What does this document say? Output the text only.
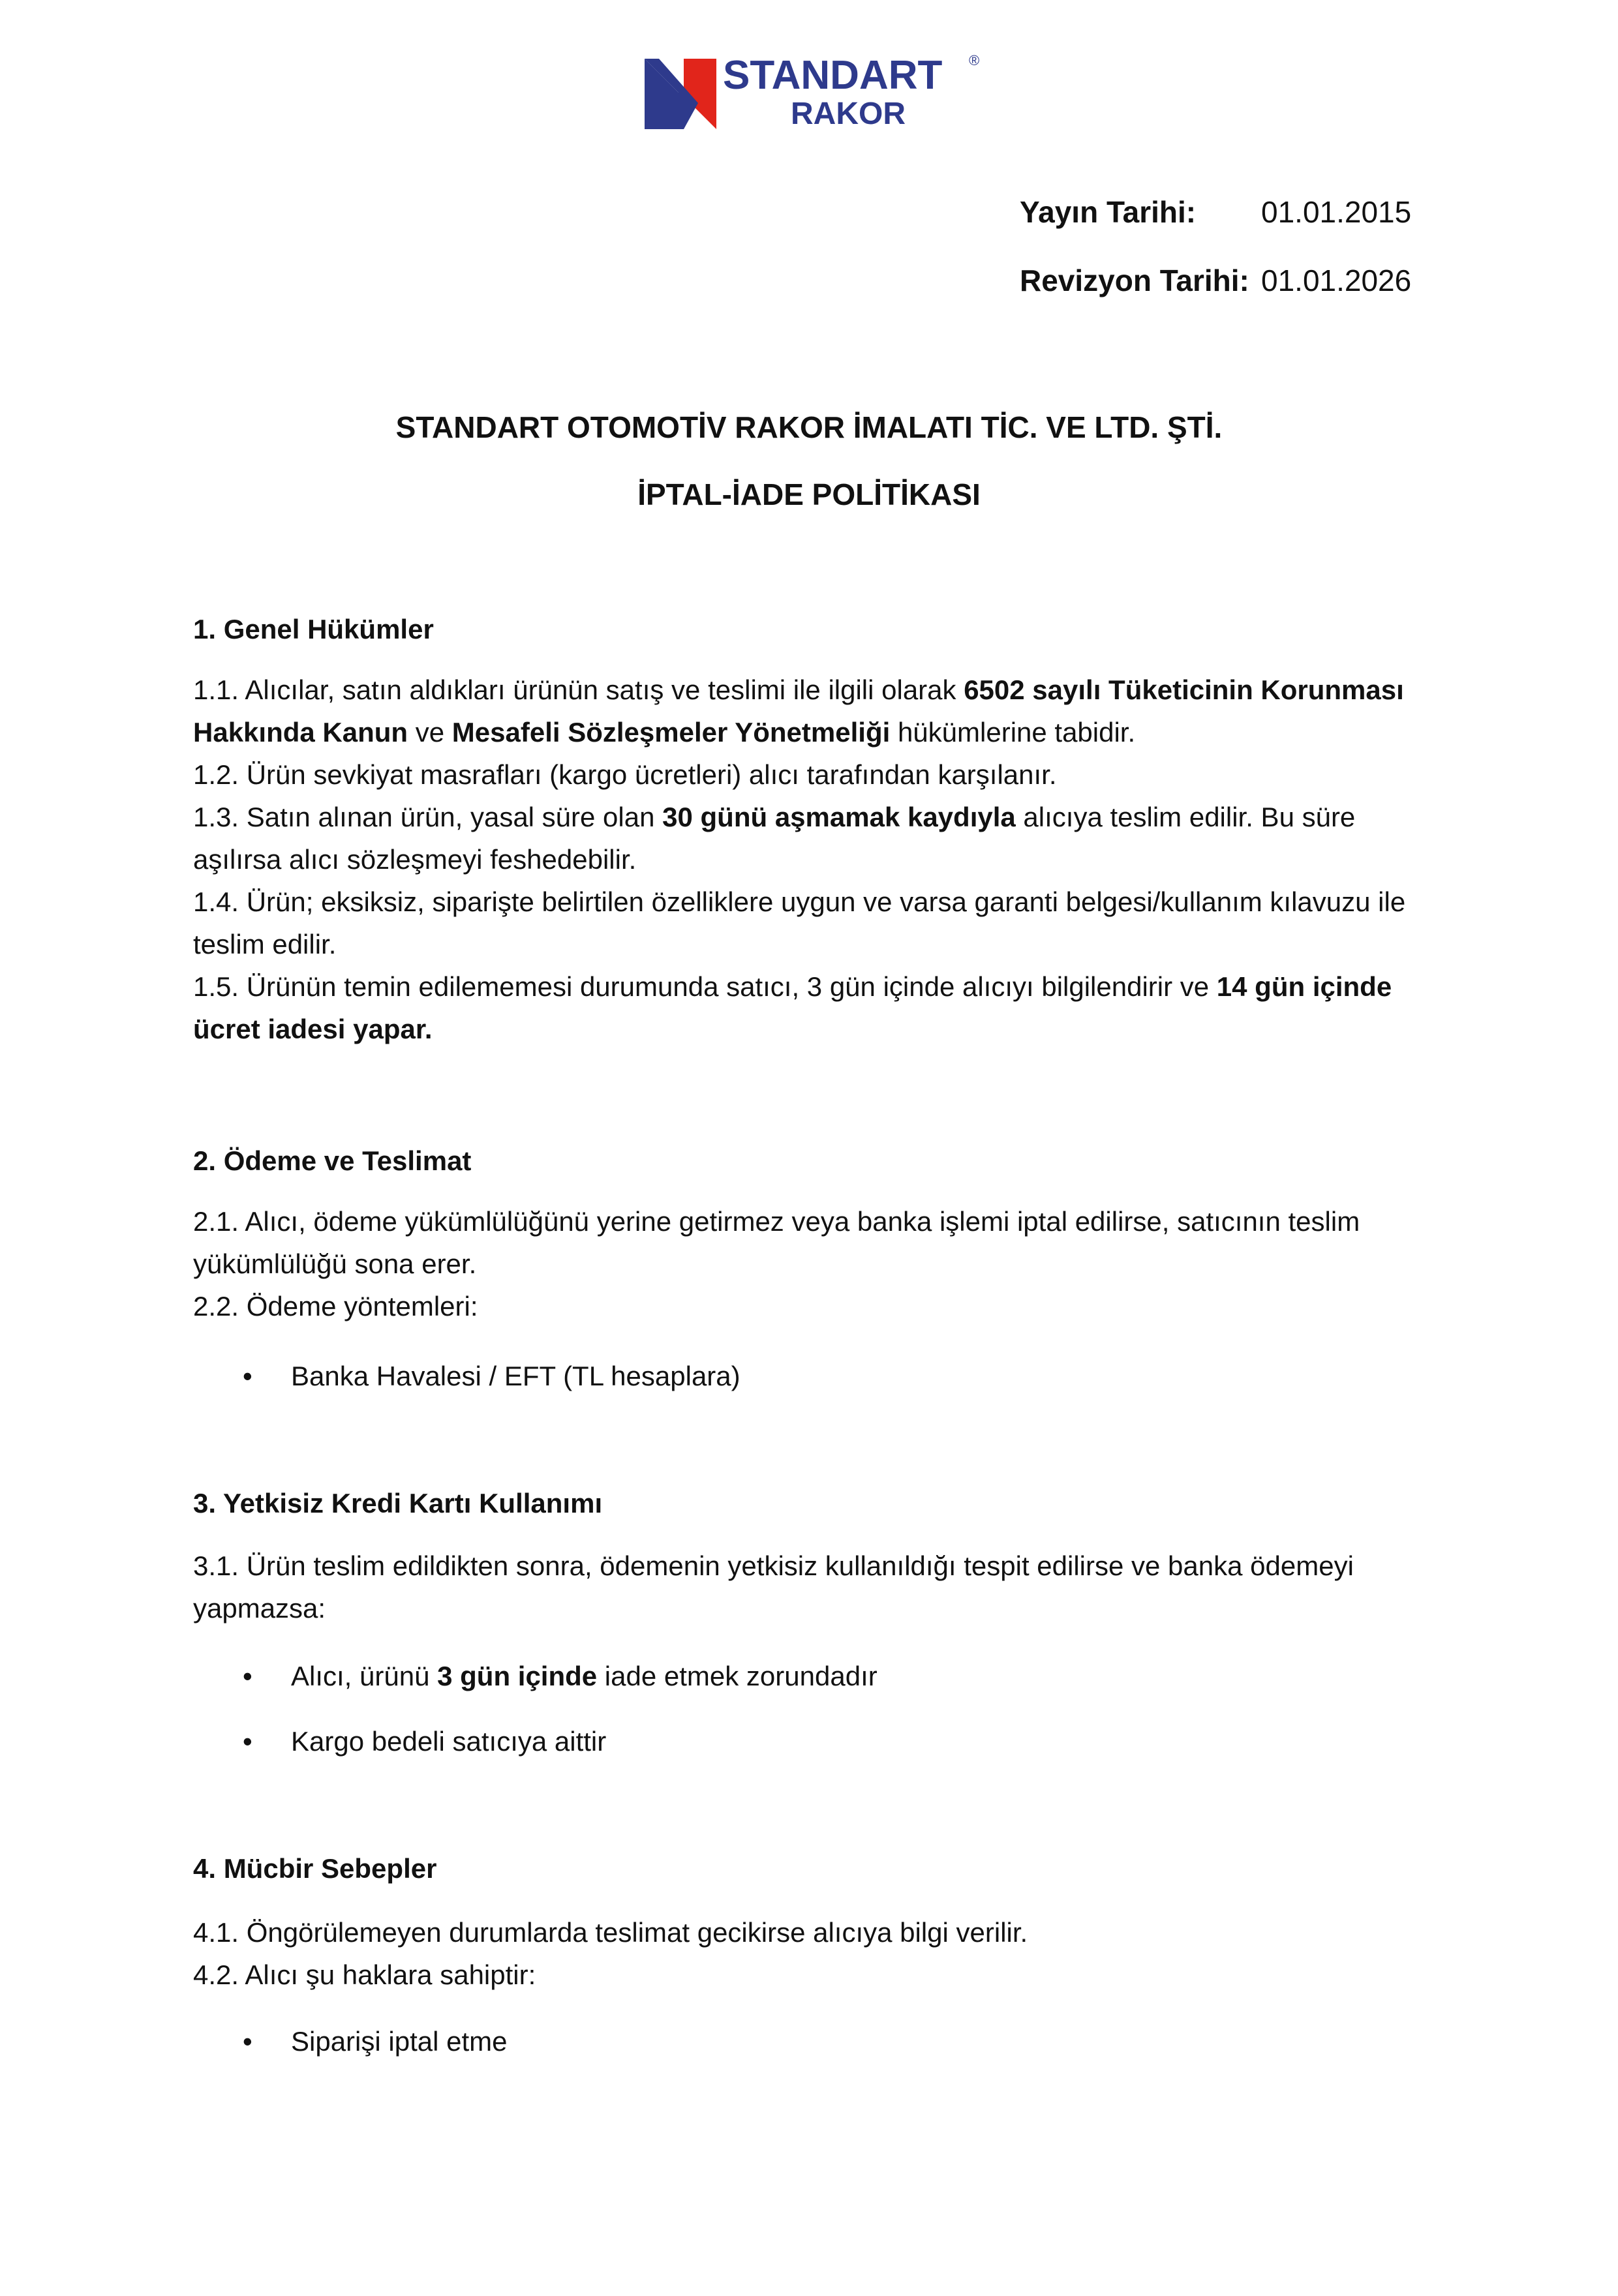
STANDART ®
RAKOR
Yayın Tarihi: 01.01.2015
Revizyon Tarihi: 01.01.2026
STANDART OTOMOTİV RAKOR İMALATI TİC. VE LTD. ŞTİ.
İPTAL-İADE POLİTİKASI
1. Genel Hükümler
1.1. Alıcılar, satın aldıkları ürünün satış ve teslimi ile ilgili olarak 6502 sayılı Tüketicinin Korunması Hakkında Kanun ve Mesafeli Sözleşmeler Yönetmeliği hükümlerine tabidir.
1.2. Ürün sevkiyat masrafları (kargo ücretleri) alıcı tarafından karşılanır.
1.3. Satın alınan ürün, yasal süre olan 30 günü aşmamak kaydıyla alıcıya teslim edilir. Bu süre aşılırsa alıcı sözleşmeyi feshedebilir.
1.4. Ürün; eksiksiz, siparişte belirtilen özelliklere uygun ve varsa garanti belgesi/kullanım kılavuzu ile teslim edilir.
1.5. Ürünün temin edilememesi durumunda satıcı, 3 gün içinde alıcıyı bilgilendirir ve 14 gün içinde ücret iadesi yapar.
2. Ödeme ve Teslimat
2.1. Alıcı, ödeme yükümlülüğünü yerine getirmez veya banka işlemi iptal edilirse, satıcının teslim yükümlülüğü sona erer.
2.2. Ödeme yöntemleri:
• Banka Havalesi / EFT (TL hesaplara)
3. Yetkisiz Kredi Kartı Kullanımı
3.1. Ürün teslim edildikten sonra, ödemenin yetkisiz kullanıldığı tespit edilirse ve banka ödemeyi yapmazsa:
• Alıcı, ürünü 3 gün içinde iade etmek zorundadır
• Kargo bedeli satıcıya aittir
4. Mücbir Sebepler
4.1. Öngörülemeyen durumlarda teslimat gecikirse alıcıya bilgi verilir.
4.2. Alıcı şu haklara sahiptir:
• Siparişi iptal etme
